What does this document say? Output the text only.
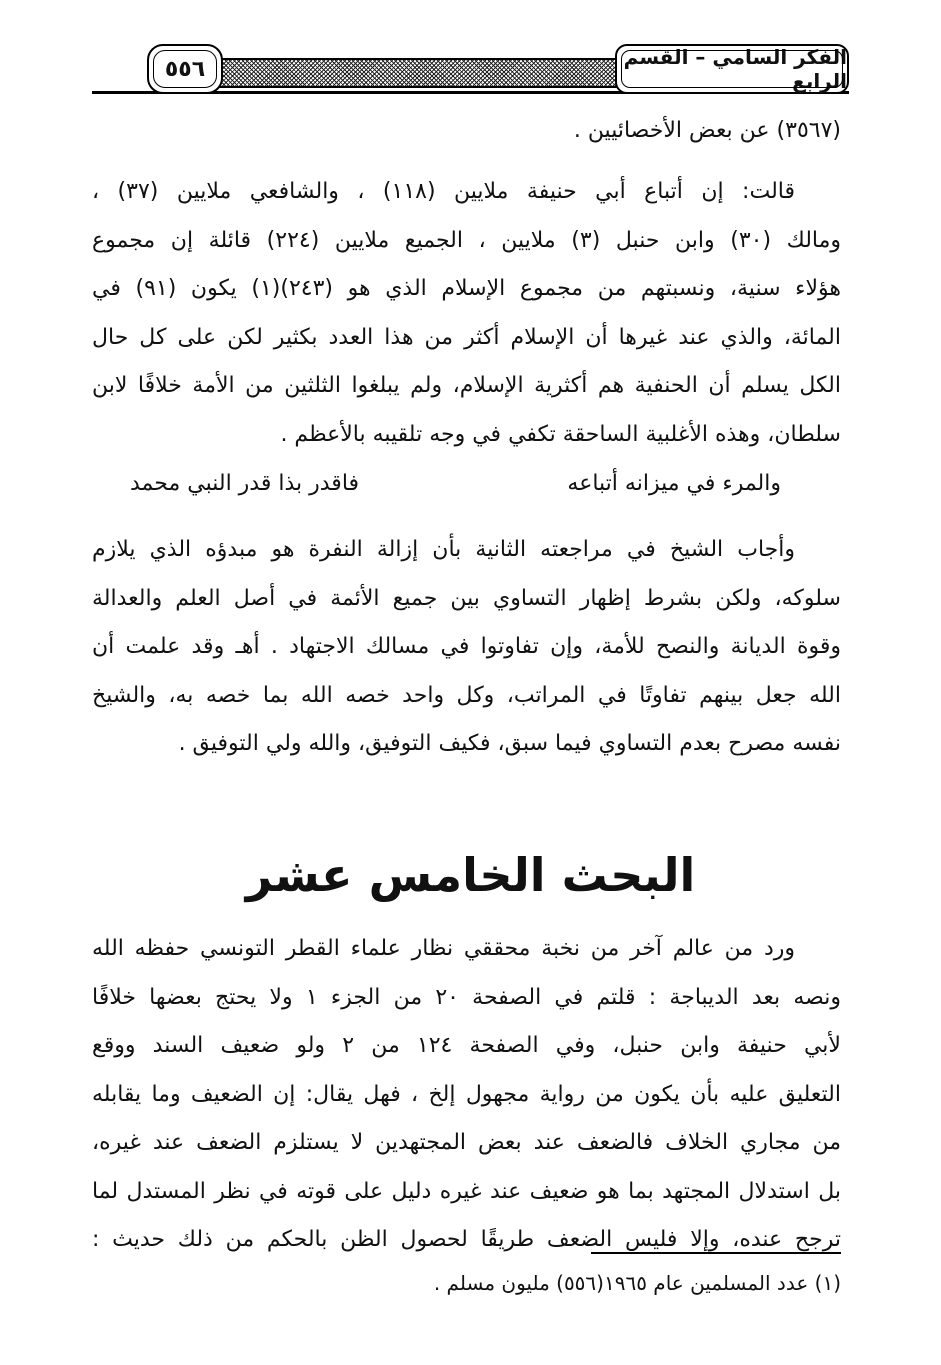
الفكر السامي – القسم الرابع
٥٥٦
(٣٥٦٧) عن بعض الأخصائيين .
قالت: إن أتباع أبي حنيفة ملايين (١١٨) ، والشافعي ملايين (٣٧) ،
ومالك (٣٠) وابن حنبل (٣) ملايين ، الجميع ملايين (٢٢٤) قائلة إن مجموع
هؤلاء سنية، ونسبتهم من مجموع الإسلام الذي هو (٢٤٣)(١) يكون (٩١) في
المائة، والذي عند غيرها أن الإسلام أكثر من هذا العدد بكثير لكن على كل حال
الكل يسلم أن الحنفية هم أكثرية الإسلام، ولم يبلغوا الثلثين من الأمة خلافًا لابن
سلطان، وهذه الأغلبية الساحقة تكفي في وجه تلقيبه بالأعظم .
والمرء في ميزانه أتباعه
فاقدر بذا قدر النبي محمد
وأجاب الشيخ في مراجعته الثانية بأن إزالة النفرة هو مبدؤه الذي يلازم
سلوكه، ولكن بشرط إظهار التساوي بين جميع الأئمة في أصل العلم والعدالة
وقوة الديانة والنصح للأمة، وإن تفاوتوا في مسالك الاجتهاد . أهـ وقد علمت أن
الله جعل بينهم تفاوتًا في المراتب، وكل واحد خصه الله بما خصه به، والشيخ
نفسه مصرح بعدم التساوي فيما سبق، فكيف التوفيق، والله ولي التوفيق .
البحث الخامس عشر
ورد من عالم آخر من نخبة محققي نظار علماء القطر التونسي حفظه الله
ونصه بعد الديباجة : قلتم في الصفحة ٢٠ من الجزء ١ ولا يحتج بعضها خلافًا
لأبي حنيفة وابن حنبل، وفي الصفحة ١٢٤ من ٢ ولو ضعيف السند ووقع
التعليق عليه بأن يكون من رواية مجهول إلخ ، فهل يقال: إن الضعيف وما يقابله
من مجاري الخلاف فالضعف عند بعض المجتهدين لا يستلزم الضعف عند غيره،
بل استدلال المجتهد بما هو ضعيف عند غيره دليل على قوته في نظر المستدل لما
ترجح عنده، وإلا فليس الضعف طريقًا لحصول الظن بالحكم من ذلك حديث :
(١) عدد المسلمين عام ١٩٦٥(٥٥٦) مليون مسلم .
